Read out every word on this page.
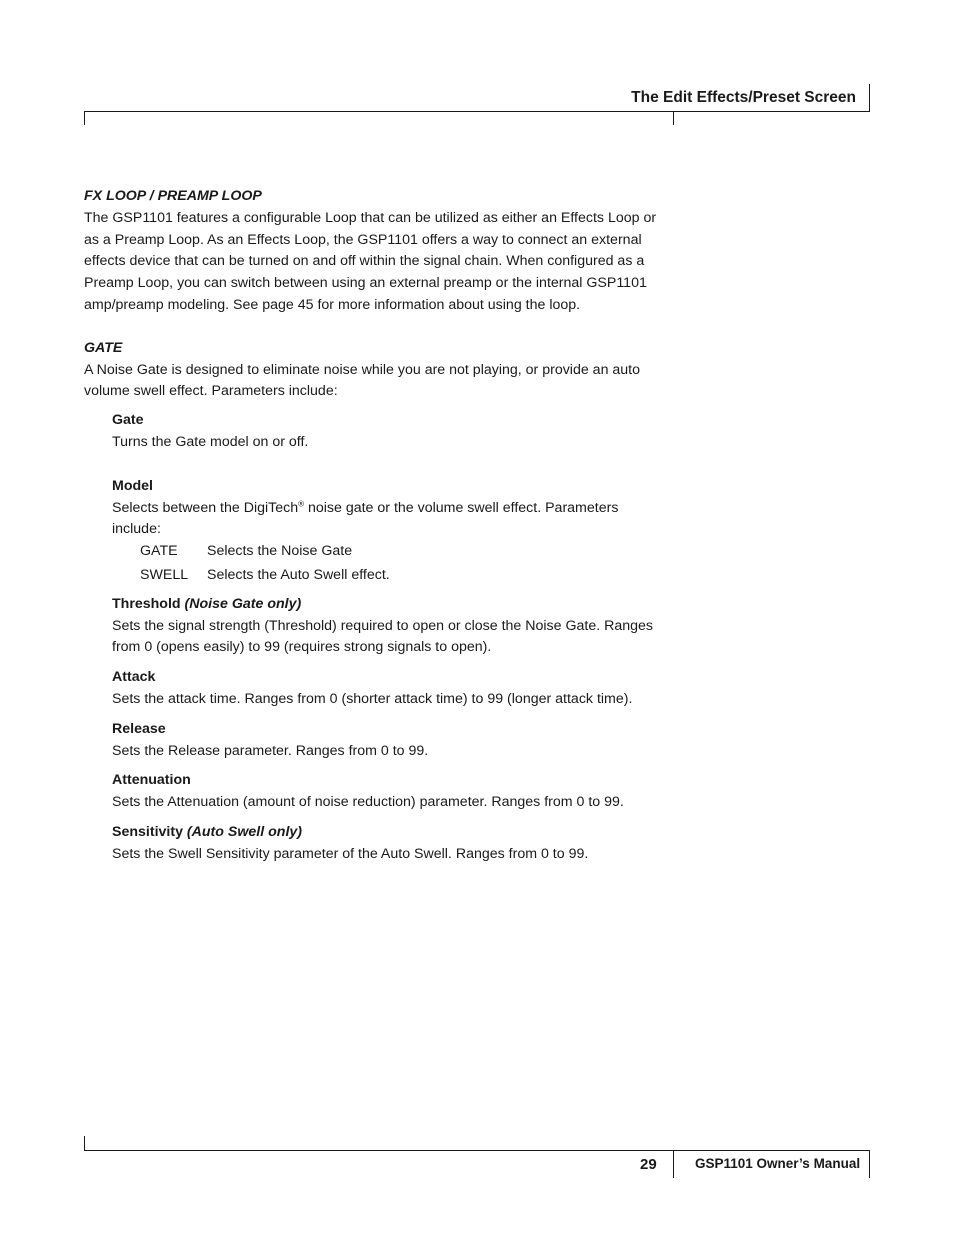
The Edit Effects/Preset Screen
29	GSP1101 Owner’s Manual

FX LOOP / PREAMP LOOP

The GSP1101 features a configurable Loop that can be utilized as either an Effects Loop or

as a Preamp Loop. As an Effects Loop, the GSP1101 offers a way to connect an external

effects device that can be turned on and off within the signal chain. When configured as a

Preamp Loop, you can switch between using an external preamp or the internal GSP1101

amp/preamp modeling. See page 45 for more information about using the loop.

GATE

A Noise Gate is designed to eliminate noise while you are not playing, or provide an auto

volume swell effect. Parameters include:

Gate

Turns the Gate model on or off.

Model

Selects between the DigiTech® noise gate or the volume swell effect. Parameters

include:

GATE	Selects the Noise Gate
SWELL	Selects the Auto Swell effect.

Threshold (Noise Gate only)

Sets the signal strength (Threshold) required to open or close the Noise Gate. Ranges

from 0 (opens easily) to 99 (requires strong signals to open).

Attack

Sets the attack time. Ranges from 0 (shorter attack time) to 99 (longer attack time).

Release

Sets the Release parameter. Ranges from 0 to 99.

Attenuation

Sets the Attenuation (amount of noise reduction) parameter. Ranges from 0 to 99.

Sensitivity (Auto Swell only)

Sets the Swell Sensitivity parameter of the Auto Swell. Ranges from 0 to 99.
